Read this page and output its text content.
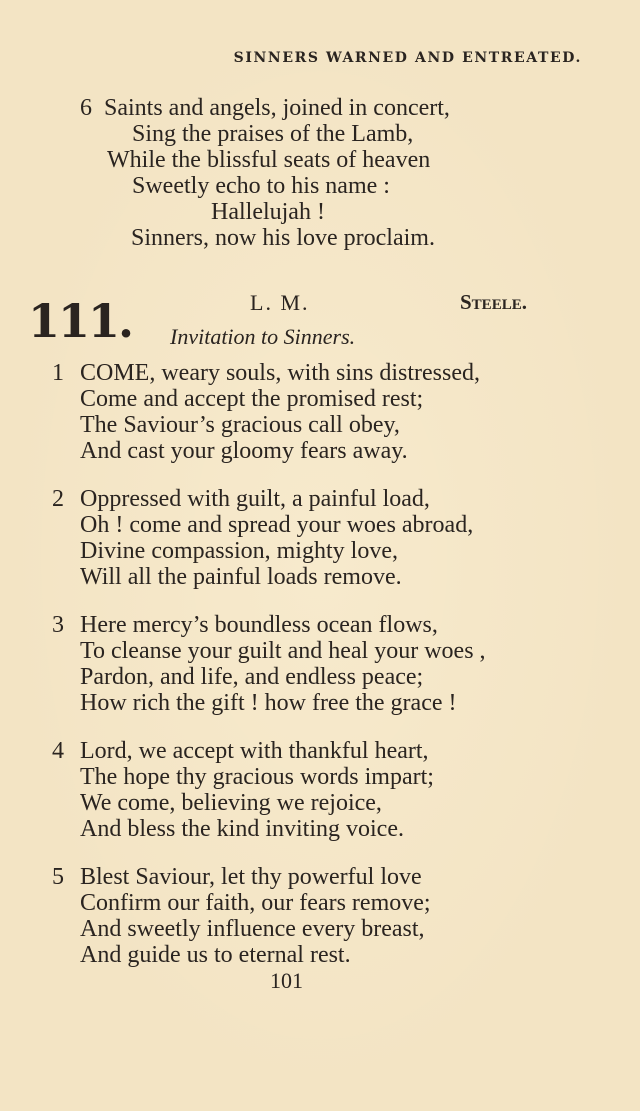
SINNERS WARNED AND ENTREATED.
6 Saints and angels, joined in concert,
Sing the praises of the Lamb,
While the blissful seats of heaven
Sweetly echo to his name :
Hallelujah !
Sinners, now his love proclaim.
111.	L. M.	Steele.
Invitation to Sinners.
1 COME, weary souls, with sins distressed,
Come and accept the promised rest;
The Saviour’s gracious call obey,
And cast your gloomy fears away.
2 Oppressed with guilt, a painful load,
Oh ! come and spread your woes abroad,
Divine compassion, mighty love,
Will all the painful loads remove.
3 Here mercy’s boundless ocean flows,
To cleanse your guilt and heal your woes ,
Pardon, and life, and endless peace;
How rich the gift ! how free the grace !
4 Lord, we accept with thankful heart,
The hope thy gracious words impart;
We come, believing we rejoice,
And bless the kind inviting voice.
5 Blest Saviour, let thy powerful love
Confirm our faith, our fears remove;
And sweetly influence every breast,
And guide us to eternal rest.
101
